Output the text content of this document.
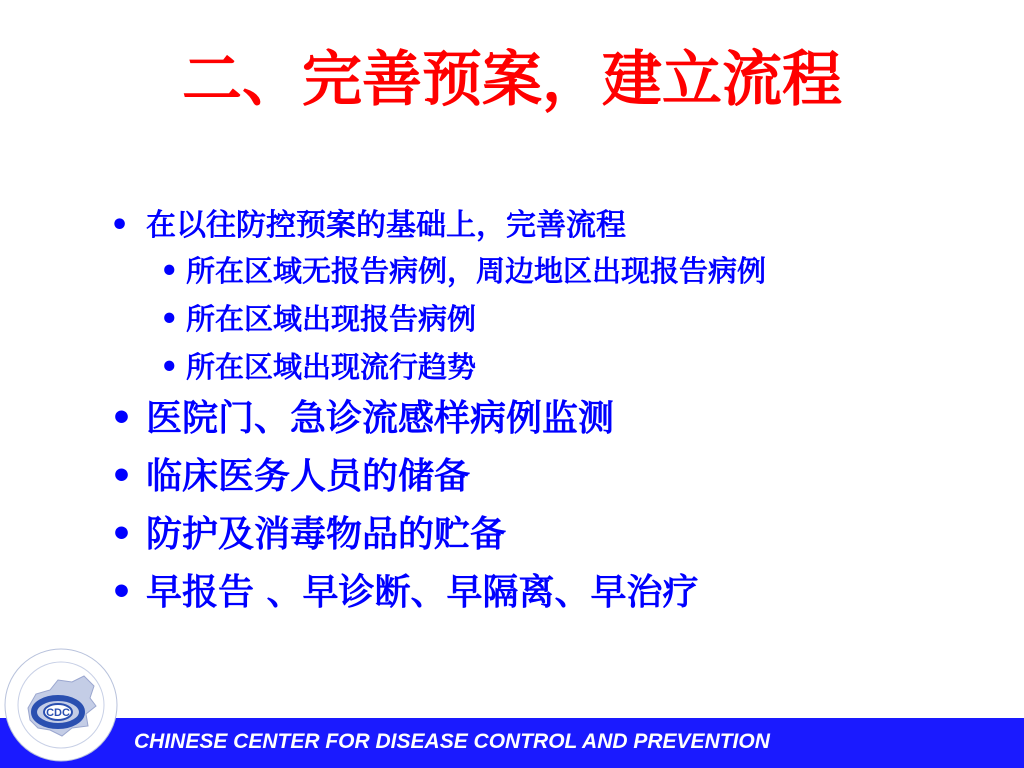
二、完善预案，建立流程
• 在以往防控预案的基础上，完善流程
• 所在区域无报告病例，周边地区出现报告病例
• 所在区域出现报告病例
• 所在区域出现流行趋势
• 医院门、急诊流感样病例监测
• 临床医务人员的储备
• 防护及消毒物品的贮备
• 早报告 、早诊断、早隔离、早治疗
CHINESE CENTER FOR DISEASE CONTROL AND PREVENTION
CDC
